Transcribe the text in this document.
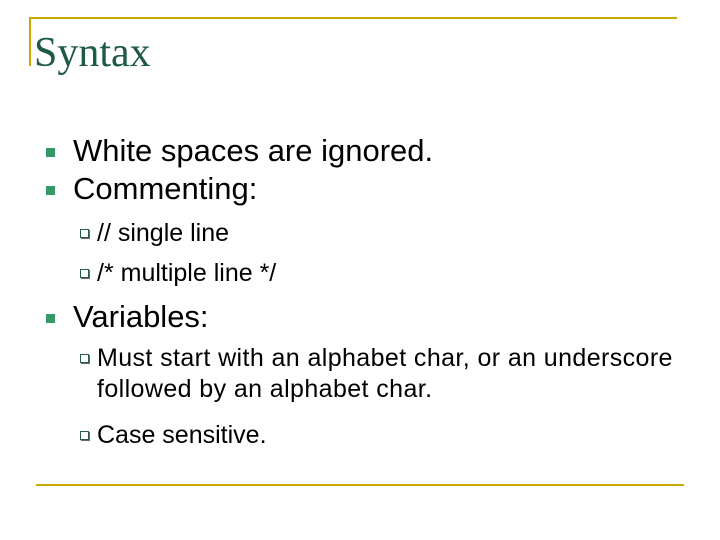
Syntax
White spaces are ignored.
Commenting:
// single line
/* multiple line */
Variables:
Must start with an alphabet char, or an underscore followed by an alphabet char.
Case sensitive.
